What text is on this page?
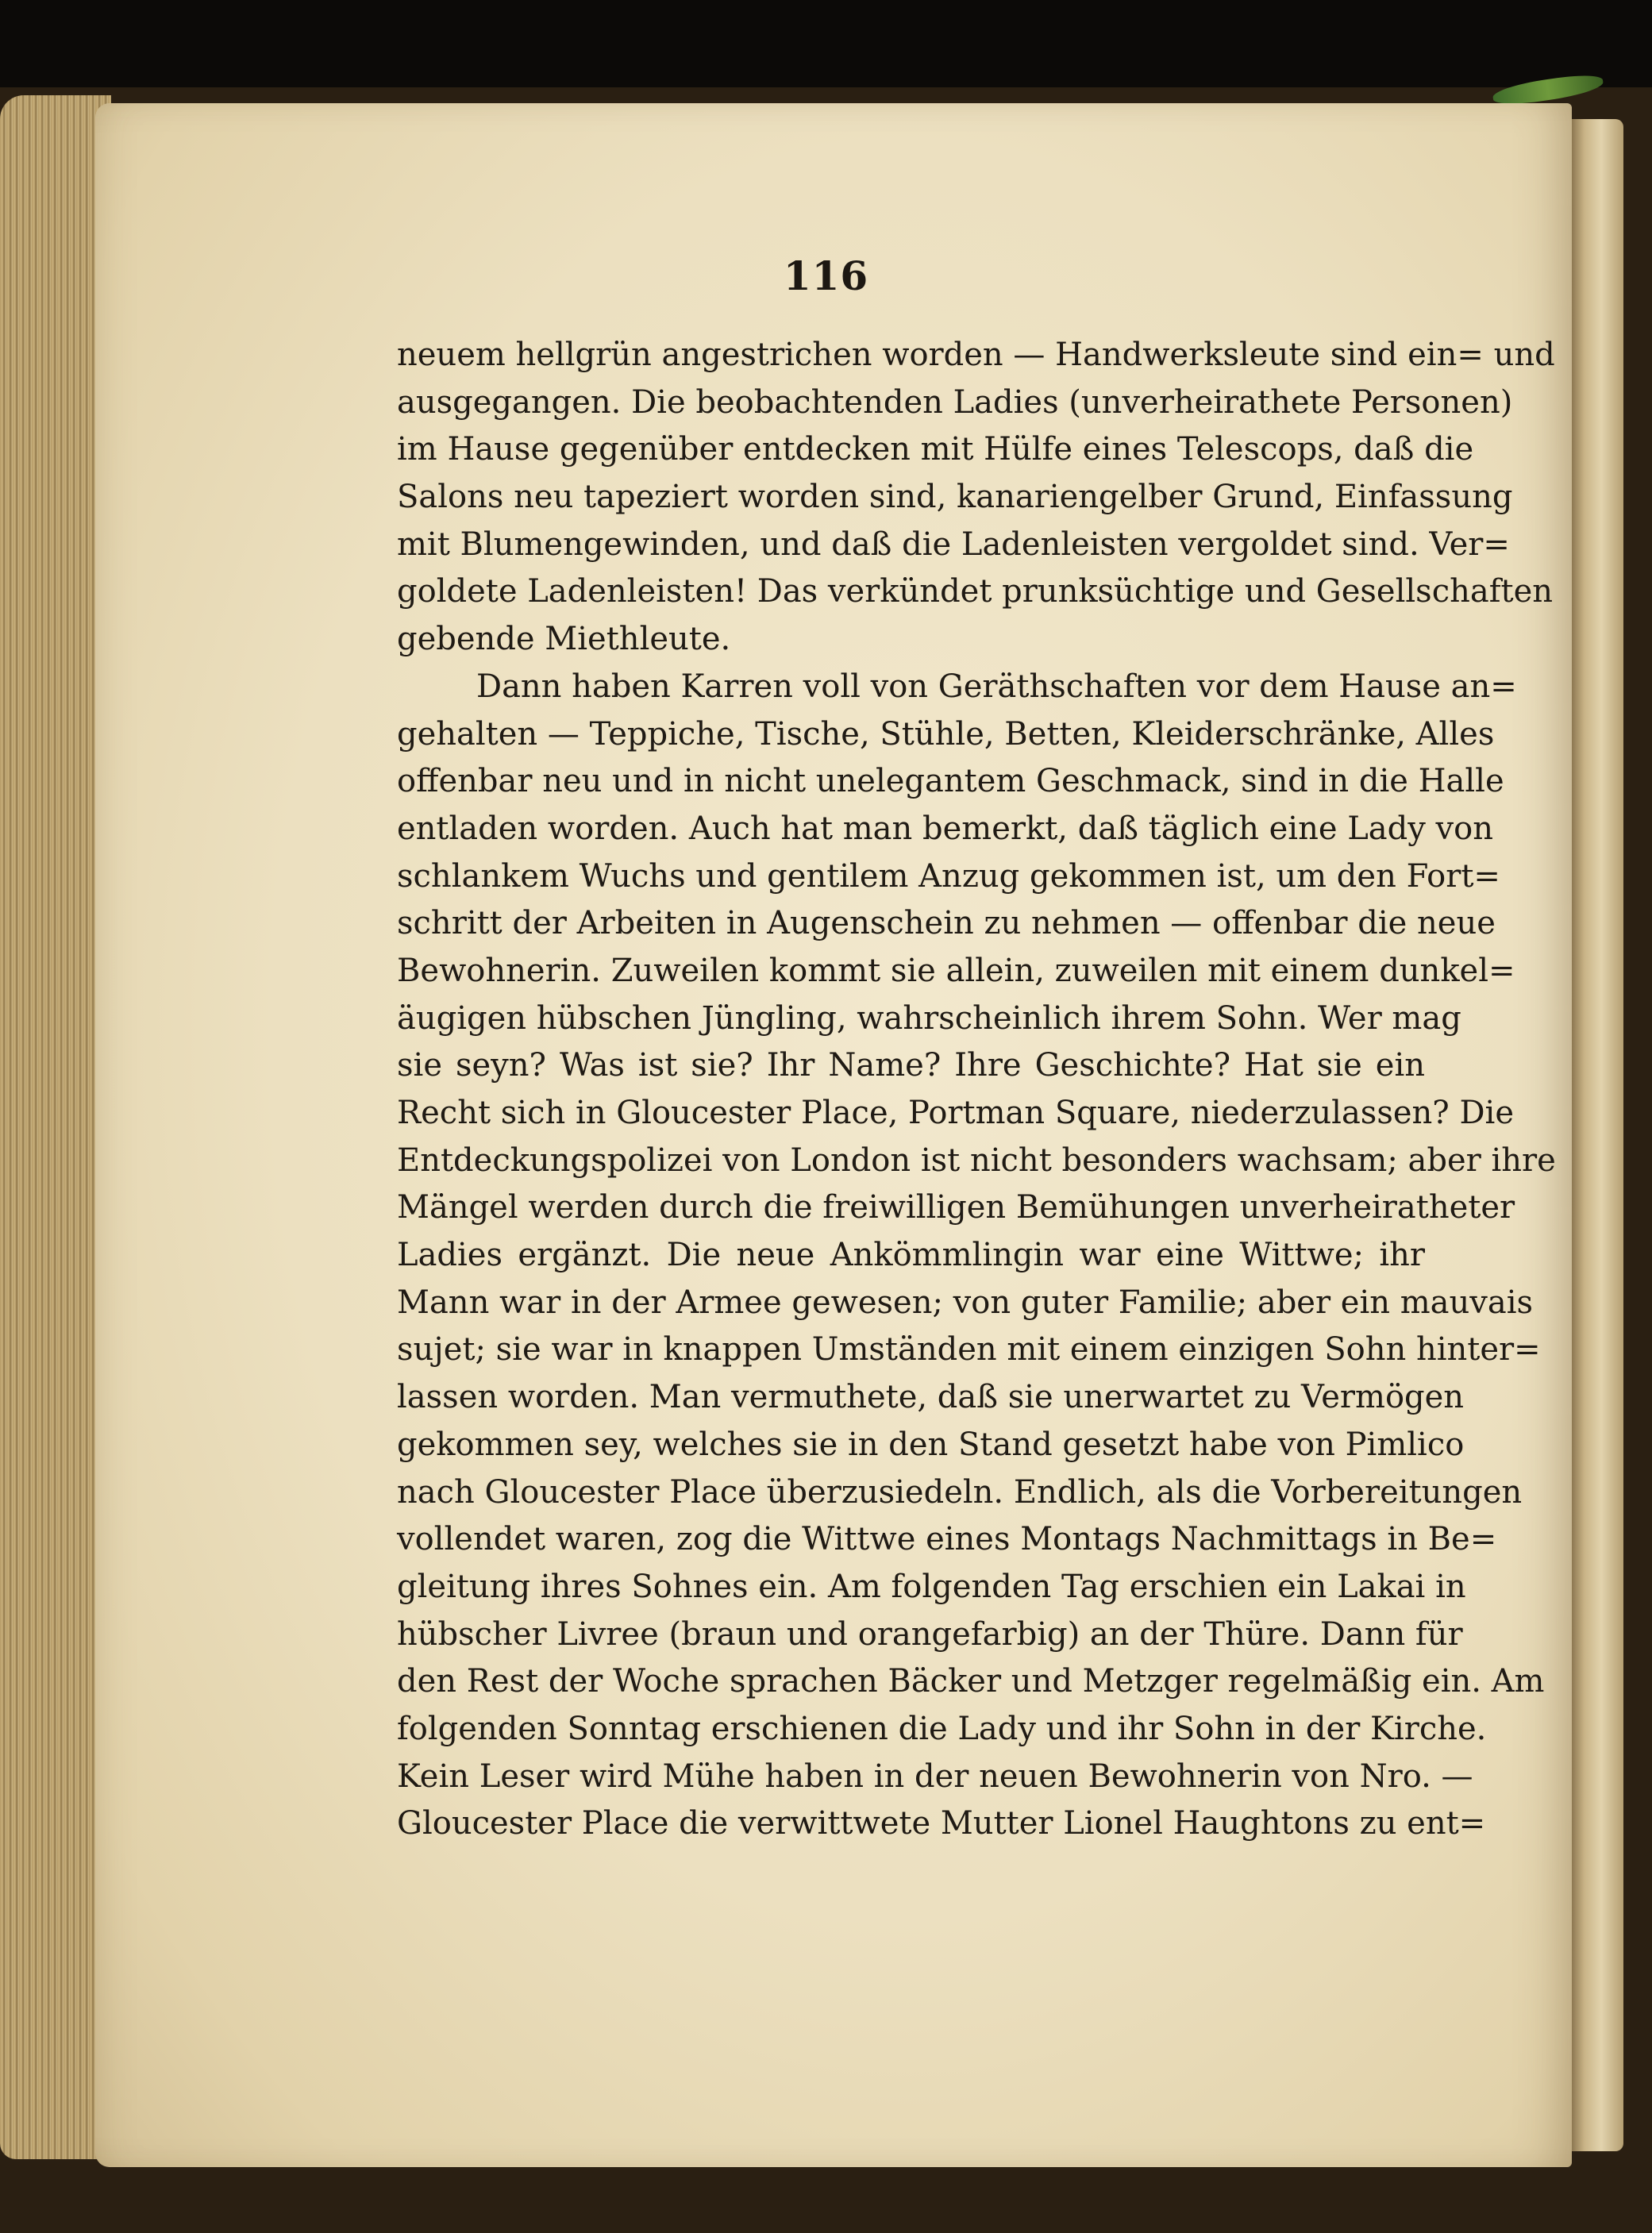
116
neuem hellgrün angestrichen worden — Handwerksleute sind ein= und
ausgegangen. Die beobachtenden Ladies (unverheirathete Personen)
im Hause gegenüber entdecken mit Hülfe eines Telescops, daß die
Salons neu tapeziert worden sind, kanariengelber Grund, Einfassung
mit Blumengewinden, und daß die Ladenleisten vergoldet sind. Ver=
goldete Ladenleisten! Das verkündet prunksüchtige und Gesellschaften
gebende Miethleute.
Dann haben Karren voll von Geräthschaften vor dem Hause an=
gehalten — Teppiche, Tische, Stühle, Betten, Kleiderschränke, Alles
offenbar neu und in nicht unelegantem Geschmack, sind in die Halle
entladen worden. Auch hat man bemerkt, daß täglich eine Lady von
schlankem Wuchs und gentilem Anzug gekommen ist, um den Fort=
schritt der Arbeiten in Augenschein zu nehmen — offenbar die neue
Bewohnerin. Zuweilen kommt sie allein, zuweilen mit einem dunkel=
äugigen hübschen Jüngling, wahrscheinlich ihrem Sohn. Wer mag
sie seyn? Was ist sie? Ihr Name? Ihre Geschichte? Hat sie ein
Recht sich in Gloucester Place, Portman Square, niederzulassen? Die
Entdeckungspolizei von London ist nicht besonders wachsam; aber ihre
Mängel werden durch die freiwilligen Bemühungen unverheiratheter
Ladies ergänzt. Die neue Ankömmlingin war eine Wittwe; ihr
Mann war in der Armee gewesen; von guter Familie; aber ein mauvais
sujet; sie war in knappen Umständen mit einem einzigen Sohn hinter=
lassen worden. Man vermuthete, daß sie unerwartet zu Vermögen
gekommen sey, welches sie in den Stand gesetzt habe von Pimlico
nach Gloucester Place überzusiedeln. Endlich, als die Vorbereitungen
vollendet waren, zog die Wittwe eines Montags Nachmittags in Be=
gleitung ihres Sohnes ein. Am folgenden Tag erschien ein Lakai in
hübscher Livree (braun und orangefarbig) an der Thüre. Dann für
den Rest der Woche sprachen Bäcker und Metzger regelmäßig ein. Am
folgenden Sonntag erschienen die Lady und ihr Sohn in der Kirche.
Kein Leser wird Mühe haben in der neuen Bewohnerin von Nro. —
Gloucester Place die verwittwete Mutter Lionel Haughtons zu ent=
